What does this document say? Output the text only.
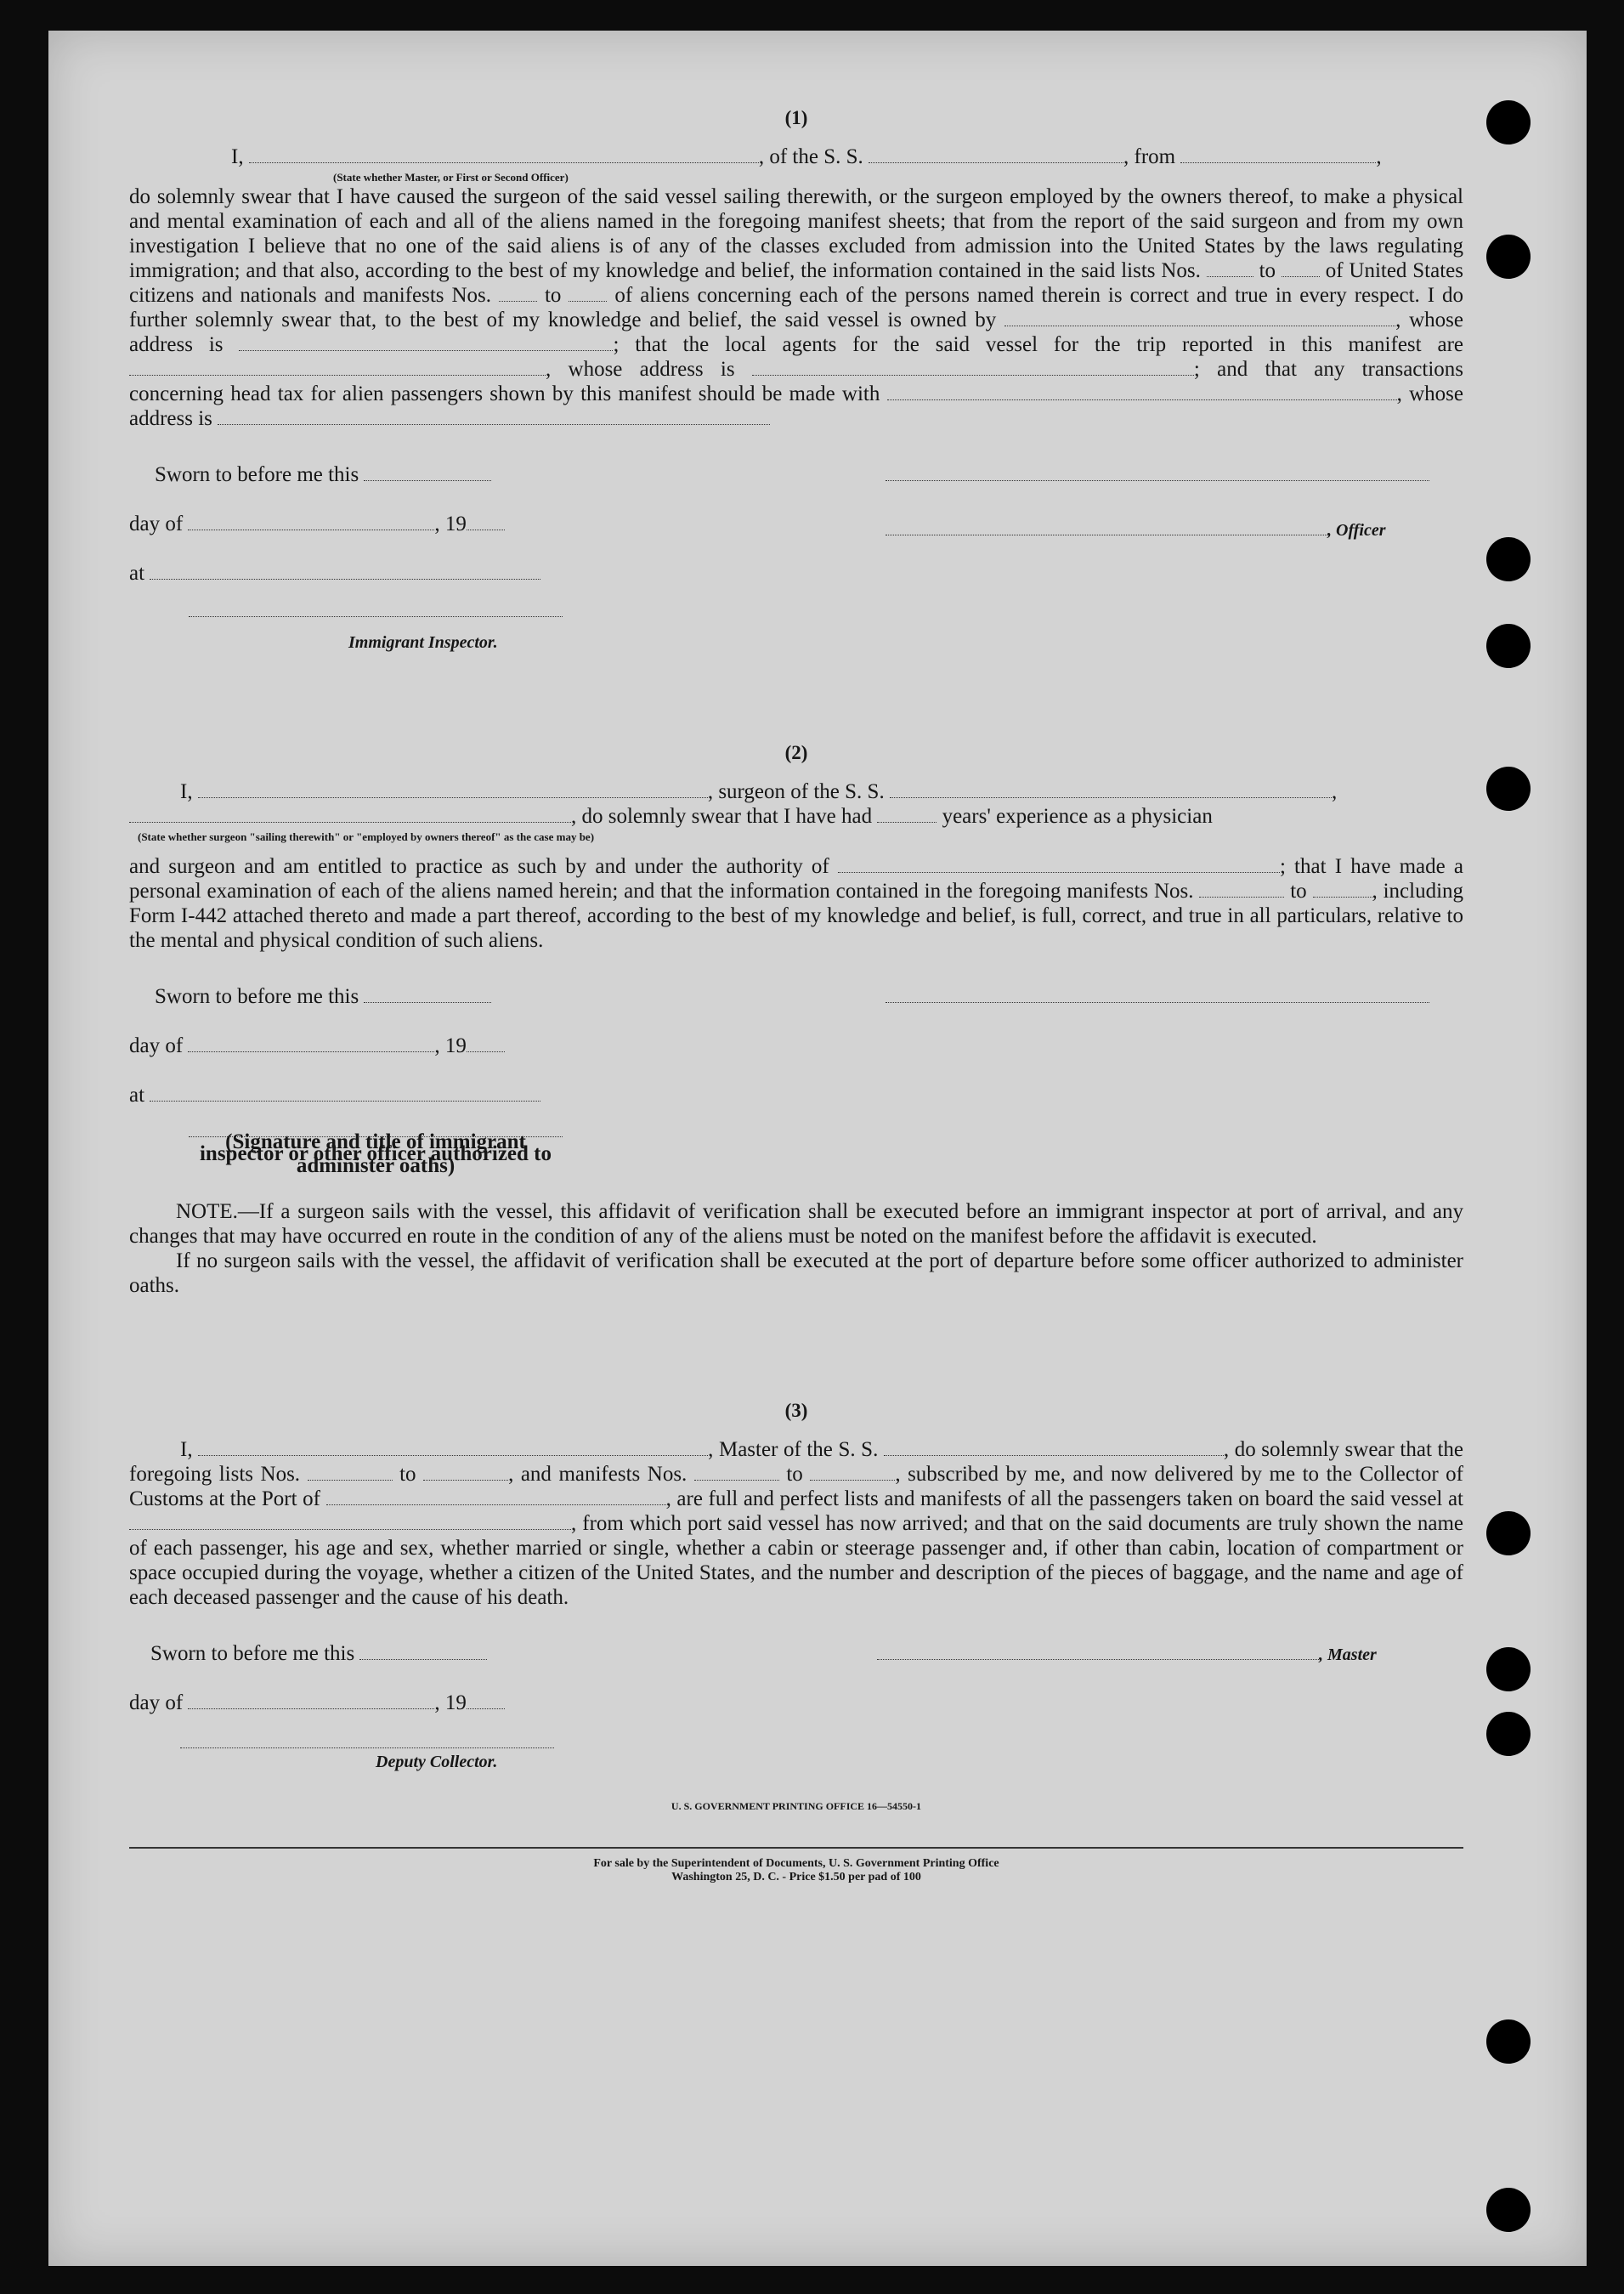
(1)

I,	, of the S. S.	, from	,

(State whether Master, or First or Second Officer)

do solemnly swear that I have caused the surgeon of the said vessel sailing therewith, or the surgeon employed by the owners thereof, to make a physical and mental examination of each and all of the aliens named in the foregoing manifest sheets; that from the report of the said surgeon and from my own investigation I believe that no one of the said aliens is of any of the classes excluded from admission into the United States by the laws regulating immigration; and that also, according to the best of my knowledge and belief, the information contained in the said lists Nos.	to of United States citizens and nationals and manifests Nos.	to	of aliens concerning each of the persons named therein is correct and true in every respect. I do further solemnly swear that, to the best of my knowledge and belief, the said vessel is owned by	, whose address is	; that the local agents for the said vessel for the trip reported in this manifest are , whose address is	; and that any transactions concerning head tax for alien passengers shown by this manifest should be made with	, whose address is

Sworn to before me this
day of	, 19
at
Immigrant Inspector.
, Officer
(2)

I,	, surgeon of the S. S.	,

, do solemnly swear that I have had	years' experience as a physician

(State whether surgeon "sailing therewith" or "employed by owners thereof" as the case may be)

and surgeon and am entitled to practice as such by and under the authority of	; that I have made a personal examination of each of the aliens named herein; and that the information contained in the foregoing manifests Nos.	to	, including Form I-442 attached thereto and made a part thereof, according to the best of my knowledge and belief, is full, correct, and true in all particulars, relative to the mental and physical condition of such aliens.

Sworn to before me this
day of	, 19
at
(Signature and title of immigrant inspector or other officer authorized to administer oaths)

NOTE.—If a surgeon sails with the vessel, this affidavit of verification shall be executed before an immigrant inspector at port of arrival, and any changes that may have occurred en route in the condition of any of the aliens must be noted on the manifest before the affidavit is executed.

If no surgeon sails with the vessel, the affidavit of verification shall be executed at the port of departure before some officer authorized to administer oaths.

(3)

I,	, Master of the S. S.	, do solemnly swear that the foregoing lists Nos.	to	, and manifests Nos.	to	, subscribed by me, and now delivered by me to the Collector of Customs at the Port of	, are full and perfect lists and manifests of all the passengers taken on board the said vessel at , from which port said vessel has now arrived; and that on the said documents are truly shown the name of each passenger, his age and sex, whether married or single, whether a cabin or steerage passenger and, if other than cabin, location of compartment or space occupied during the voyage, whether a citizen of the United States, and the number and description of the pieces of baggage, and the name and age of each deceased passenger and the cause of his death.

Sworn to before me this
day of	, 19
Deputy Collector.
, Master
U. S. GOVERNMENT PRINTING OFFICE 16—54550-1
For sale by the Superintendent of Documents, U. S. Government Printing Office
Washington 25, D. C. - Price $1.50 per pad of 100
